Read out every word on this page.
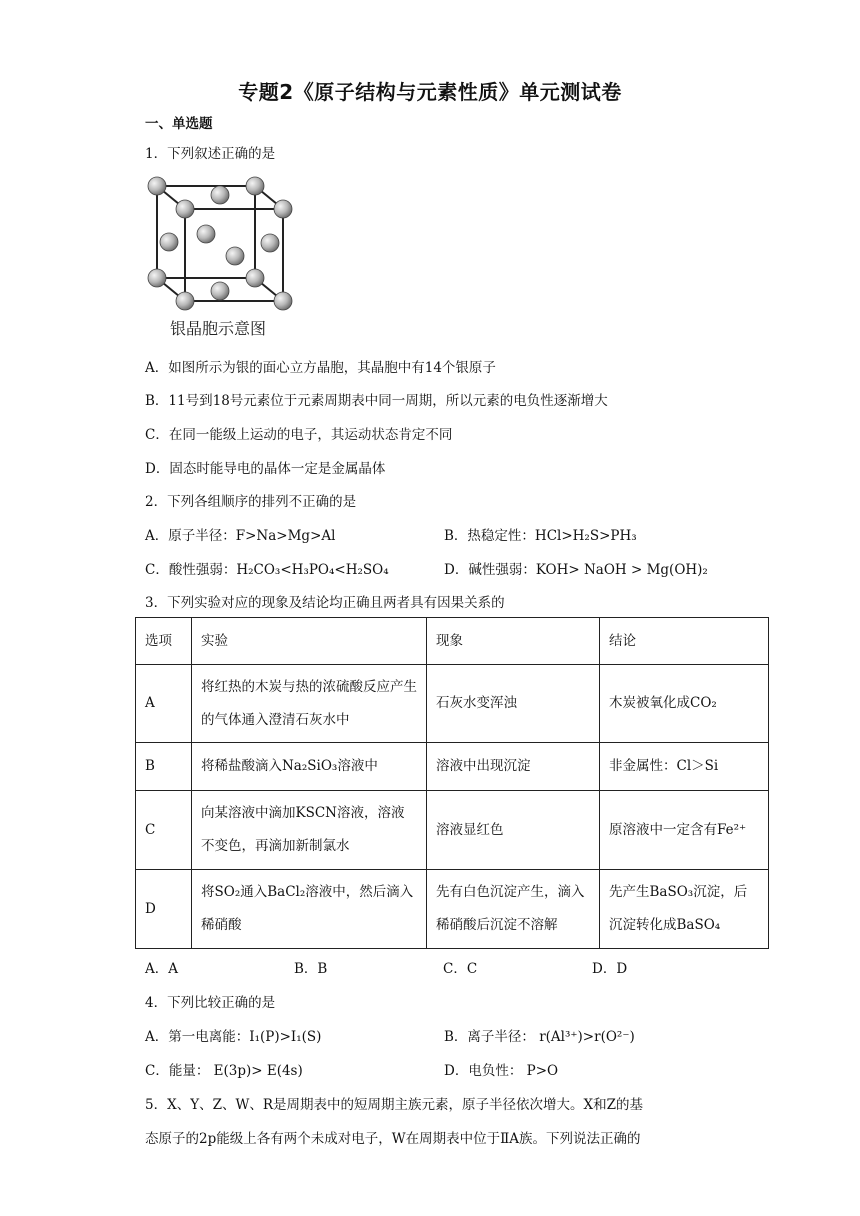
专题2《原子结构与元素性质》单元测试卷
一、单选题
1．下列叙述正确的是
银晶胞示意图
A．如图所示为银的面心立方晶胞，其晶胞中有14个银原子
B．11号到18号元素位于元素周期表中同一周期，所以元素的电负性逐渐增大
C．在同一能级上运动的电子，其运动状态肯定不同
D．固态时能导电的晶体一定是金属晶体
2．下列各组顺序的排列不正确的是
A．原子半径：F>Na>Mg>Al	B．热稳定性：HCl>H₂S>PH₃
C．酸性强弱：H₂CO₃<H₃PO₄<H₂SO₄	D．碱性强弱：KOH> NaOH > Mg(OH)₂
3．下列实验对应的现象及结论均正确且两者具有因果关系的
选项	实验	现象	结论
A	将红热的木炭与热的浓硫酸反应产生的气体通入澄清石灰水中	石灰水变浑浊	木炭被氧化成CO₂
B	将稀盐酸滴入Na₂SiO₃溶液中	溶液中出现沉淀	非金属性：Cl＞Si
C	向某溶液中滴加KSCN溶液，溶液不变色，再滴加新制氯水	溶液显红色	原溶液中一定含有Fe²⁺
D	将SO₂通入BaCl₂溶液中，然后滴入稀硝酸	先有白色沉淀产生，滴入稀硝酸后沉淀不溶解	先产生BaSO₃沉淀，后沉淀转化成BaSO₄
A．A	B．B	C．C	D．D
4．下列比较正确的是
A．第一电离能：I₁(P)>I₁(S)	B．离子半径： r(Al³⁺)>r(O²⁻)
C．能量： E(3p)> E(4s)	D．电负性： P>O
5．X、Y、Z、W、R是周期表中的短周期主族元素，原子半径依次增大。X和Z的基
态原子的2p能级上各有两个未成对电子，W在周期表中位于ⅡA族。下列说法正确的
